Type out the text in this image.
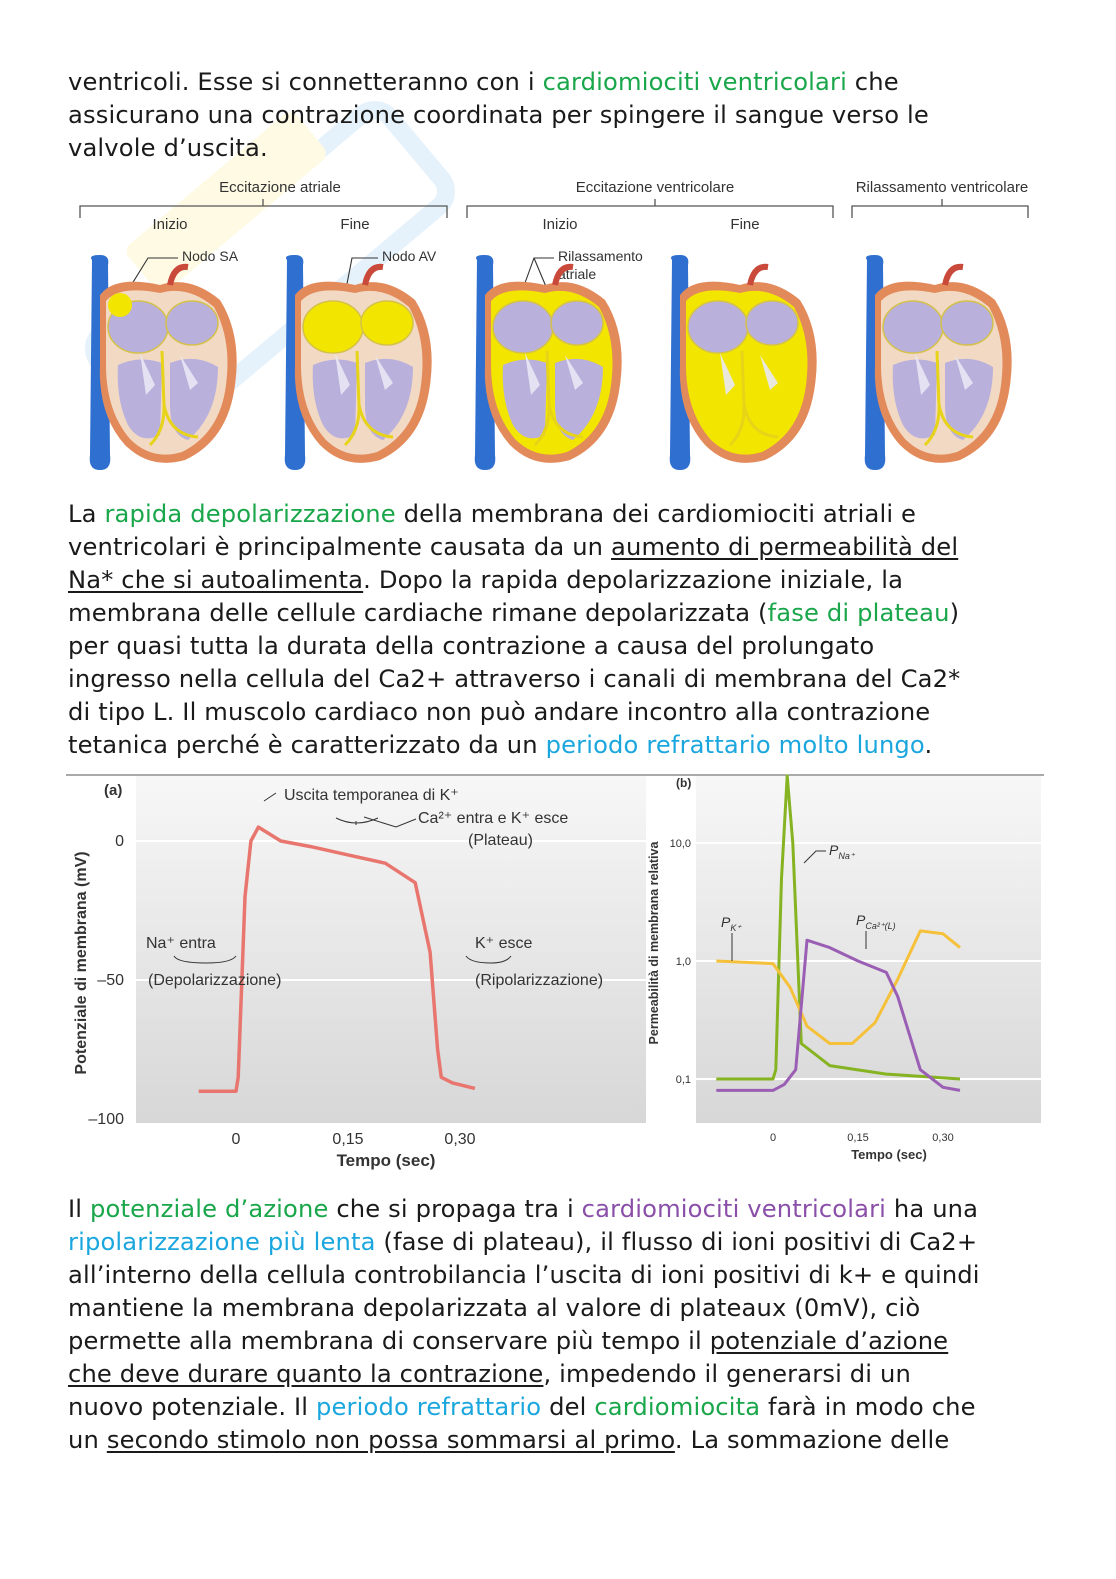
ventricoli. Esse si connetteranno con i cardiomiociti ventricolari che
assicurano una contrazione coordinata per spingere il sangue verso le
valvole d’uscita.
Eccitazione atriale	Eccitazione ventricolare	Rilassamento ventricolare
Inizio	Fine	Inizio	Fine
Nodo SA	Nodo AV	Rilassamento
atriale
La rapida depolarizzazione della membrana dei cardiomiociti atriali e
ventricolari è principalmente causata da un aumento di permeabilità del
Na* che si autoalimenta. Dopo la rapida depolarizzazione iniziale, la
membrana delle cellule cardiache rimane depolarizzata (fase di plateau)
per quasi tutta la durata della contrazione a causa del prolungato
ingresso nella cellula del Ca2+ attraverso i canali di membrana del Ca2*
di tipo L. Il muscolo cardiaco non può andare incontro alla contrazione
tetanica perché è caratterizzato da un periodo refrattario molto lungo.
(a)
Potenziale di membrana (mV)
Tempo (sec)
0
–50
–100
0	0,15	0,30
Uscita temporanea di K⁺
Ca²⁺ entra e K⁺ esce
(Plateau)
Na⁺ entra
(Depolarizzazione)
K⁺ esce
(Ripolarizzazione)
(b)
Permeabilità di membrana relativa
Tempo (sec)
10,0
1,0
0,1
0	0,15	0,30
$P_{Na^+}$
$P_{K^+}$	$P_{Ca^{2+}(L)}$
Il potenziale d’azione che si propaga tra i cardiomiociti ventricolari ha una
ripolarizzazione più lenta (fase di plateau), il flusso di ioni positivi di Ca2+
all’interno della cellula controbilancia l’uscita di ioni positivi di k+ e quindi
mantiene la membrana depolarizzata al valore di plateaux (0mV), ciò
permette alla membrana di conservare più tempo il potenziale d’azione
che deve durare quanto la contrazione, impedendo il generarsi di un
nuovo potenziale. Il periodo refrattario del cardiomiocita farà in modo che
un secondo stimolo non possa sommarsi al primo. La sommazione delle
